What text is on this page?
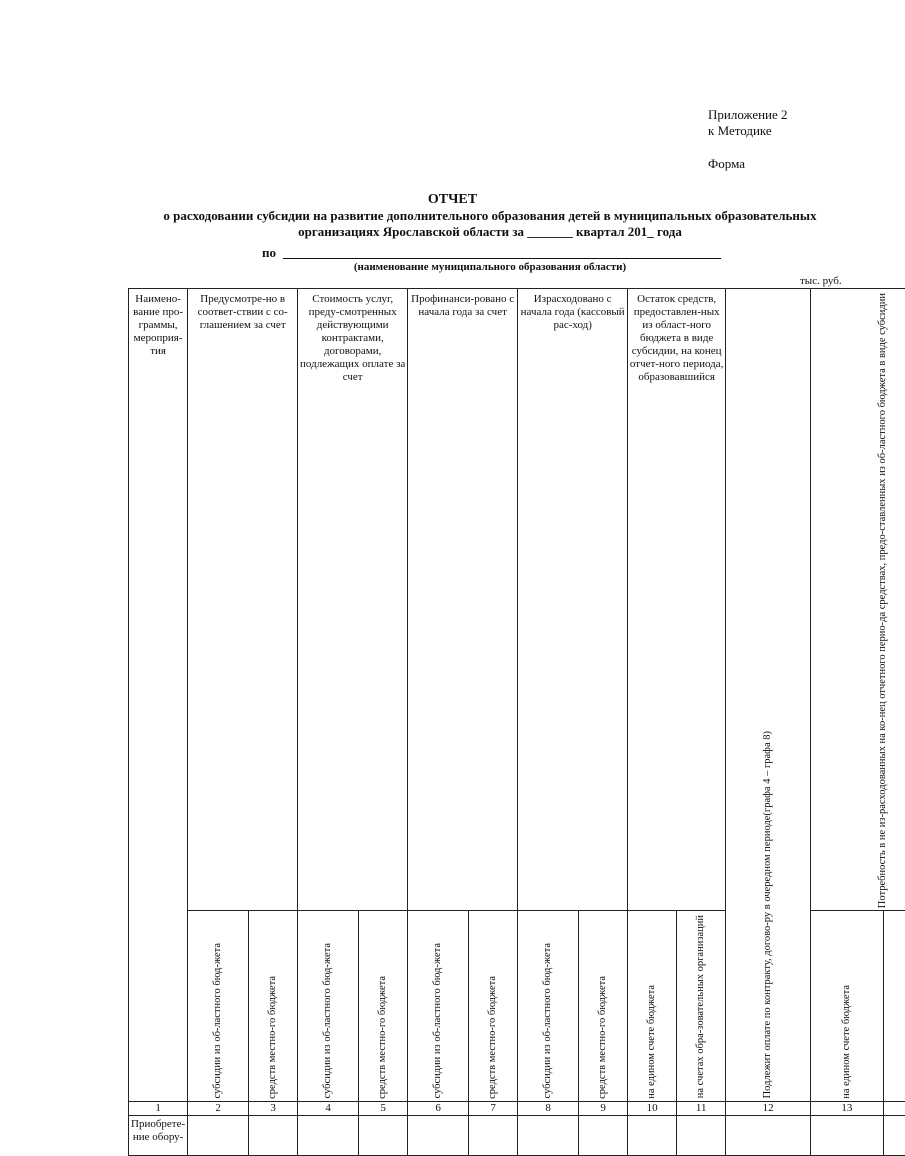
Приложение 2
к Методике
Форма
ОТЧЕТ
о расходовании субсидии на развитие дополнительного образования детей в муниципальных образовательных
организациях Ярославской области за _______ квартал 201_ года
по
(наименование муниципального образования области)
тыс. руб.
Наимено-вание про-граммы, мероприя-тия	Предусмотре-но в соответ-ствии с со-глашением за счет		Стоимость услуг, преду-смотренных действующими контрактами, договорами, подлежащих оплате за счет		Профинанси-ровано с начала года за счет		Израсходовано с начала года (кассовый рас-ход)		Остаток средств, предоставлен-ных из област-ного бюджета в виде субсидии, на конец отчет-ного периода, образовавшийся		Подлежит оплате по контракту, догово-ру в очередном периоде(графа 4 – графа 8)	Потребность в не из-расходованных на ко-нец отчетного перио-да средствах, предо-ставленных из об-ластного бюджета в виде субсидии

	субсидии из об-ластного бюд-жета	средств местно-го бюджета	субсидии из об-ластного бюд-жета	средств местно-го бюджета	субсидии из об-ластного бюд-жета	средств местно-го бюджета	субсидии из об-ластного бюд-жета	средств местно-го бюджета	на едином счете бюджета	на счетах обра-зовательных организаций		на едином счете бюджета

1	2	3	4	5	6	7	8	9	10	11	12	13		
Приобрете-ние обору-														
